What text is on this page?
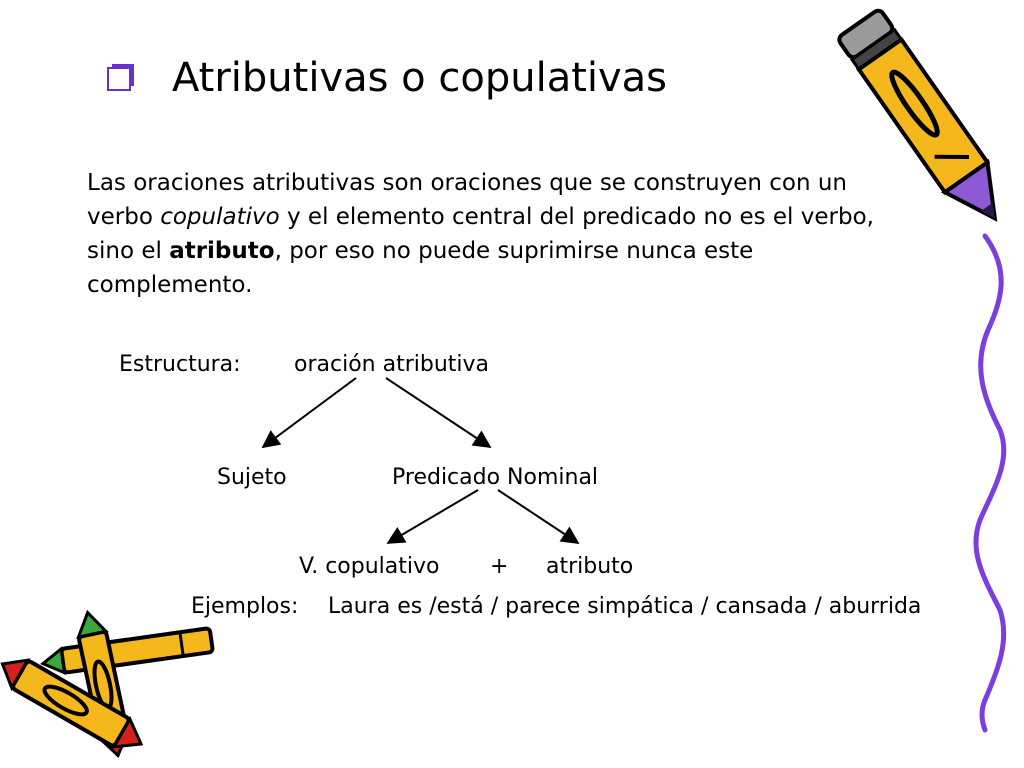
Atributivas o copulativas
Las oraciones atributivas son oraciones que se construyen con un verbo copulativo y el elemento central del predicado no es el verbo, sino el atributo, por eso no puede suprimirse nunca este complemento.
Estructura: oración atributiva
Sujeto	Predicado Nominal
V. copulativo + atributo
Ejemplos: Laura es /está / parece simpática / cansada / aburrida
